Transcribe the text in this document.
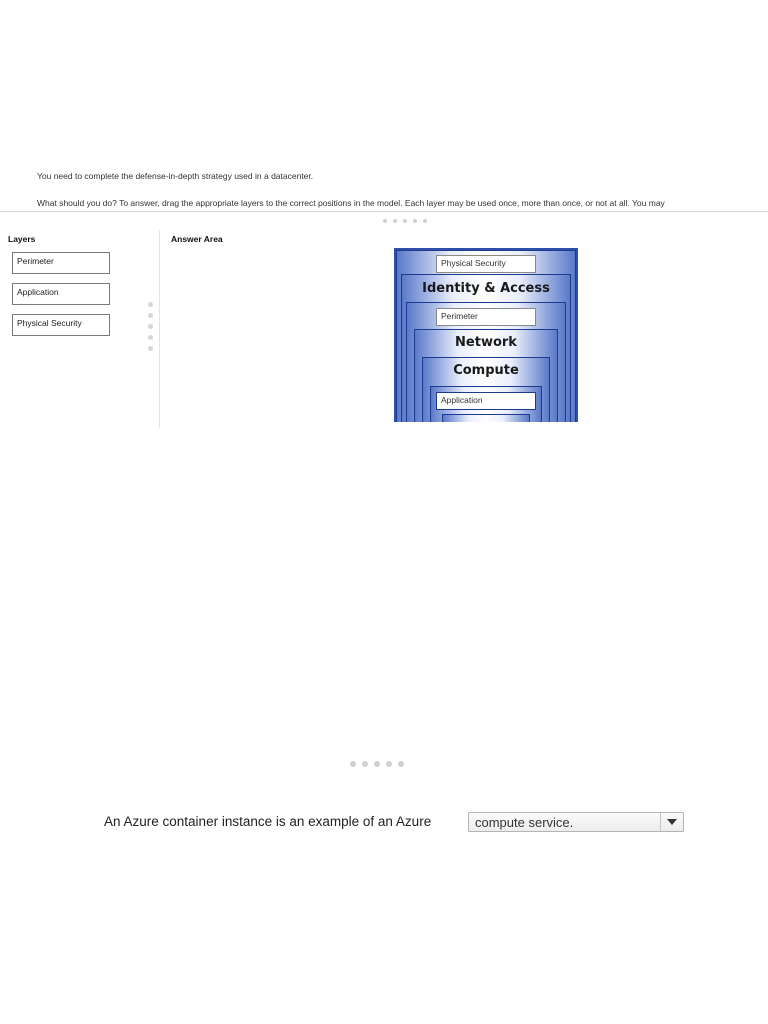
You need to complete the defense-in-depth strategy used in a datacenter.
What should you do? To answer, drag the appropriate layers to the correct positions in the model. Each layer may be used once, more than once, or not at all. You may
Layers
Perimeter
Application
Physical Security
Answer Area
Physical Security
Identity & Access
Perimeter
Network
Compute
Application
An Azure container instance is an example of an Azure	compute service.
